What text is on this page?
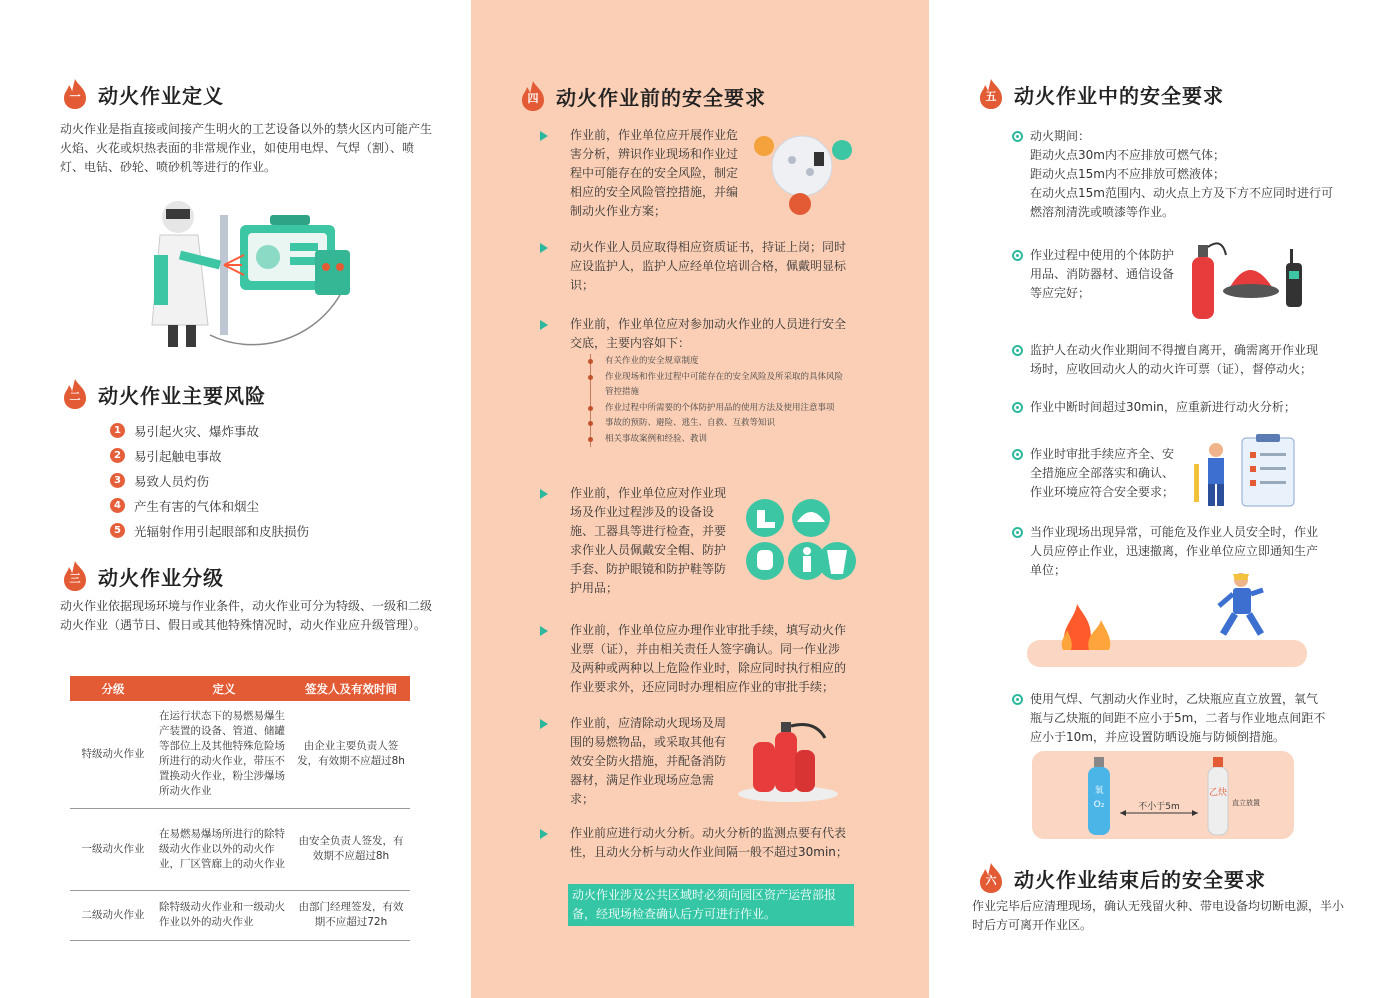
一 动火作业定义

动火作业是指直接或间接产生明火的工艺设备以外的禁火区内可能产生火焰、火花或炽热表面的非常规作业，如使用电焊、气焊（割）、喷灯、电钻、砂轮、喷砂机等进行的作业。

二 动火作业主要风险
1	易引起火灾、爆炸事故
2	易引起触电事故
3	易致人员灼伤
4	产生有害的气体和烟尘
5	光辐射作用引起眼部和皮肤损伤
三 动火作业分级

动火作业依据现场环境与作业条件，动火作业可分为特级、一级和二级动火作业（遇节日、假日或其他特殊情况时，动火作业应升级管理）。

分级	定义	签发人及有效时间
特级动火作业	在运行状态下的易燃易爆生产装置的设备、管道、储罐等部位上及其他特殊危险场所进行的动火作业，带压不置换动火作业，粉尘涉爆场所动火作业	由企业主要负责人签发，有效期不应超过8h
一级动火作业	在易燃易爆场所进行的除特级动火作业以外的动火作业，厂区管廊上的动火作业	由安全负责人签发，有效期不应超过8h
二级动火作业	除特级动火作业和一级动火作业以外的动火作业	由部门经理签发，有效期不应超过72h
四 动火作业前的安全要求

作业前，作业单位应开展作业危害分析，辨识作业现场和作业过程中可能存在的安全风险，制定相应的安全风险管控措施，并编制动火作业方案；

动火作业人员应取得相应资质证书，持证上岗；同时应设监护人，监护人应经单位培训合格，佩戴明显标识；

作业前，作业单位应对参加动火作业的人员进行安全交底，主要内容如下：

有关作业的安全规章制度
作业现场和作业过程中可能存在的安全风险及所采取的具体风险管控措施
作业过程中所需要的个体防护用品的使用方法及使用注意事项
事故的预防、避险、逃生、自救、互救等知识
相关事故案例和经验、教训

作业前，作业单位应对作业现场及作业过程涉及的设备设施、工器具等进行检查，并要求作业人员佩戴安全帽、防护手套、防护眼镜和防护鞋等防护用品；

作业前，作业单位应办理作业审批手续，填写动火作业票（证），并由相关责任人签字确认。同一作业涉及两种或两种以上危险作业时，除应同时执行相应的作业要求外，还应同时办理相应作业的审批手续；

作业前，应清除动火现场及周围的易燃物品，或采取其他有效安全防火措施，并配备消防器材，满足作业现场应急需求；

作业前应进行动火分析。动火分析的监测点要有代表性，且动火分析与动火作业间隔一般不超过30min；

动火作业涉及公共区域时必须向园区资产运营部报备，经现场检查确认后方可进行作业。
五 动火作业中的安全要求
动火期间：
距动火点30m内不应排放可燃气体；
距动火点15m内不应排放可燃液体；
在动火点15m范围内、动火点上方及下方不应同时进行可燃溶剂清洗或喷漆等作业。
作业过程中使用的个体防护用品、消防器材、通信设备等应完好；
监护人在动火作业期间不得擅自离开，确需离开作业现场时，应收回动火人的动火许可票（证），督停动火；
作业中断时间超过30min，应重新进行动火分析；
作业时审批手续应齐全、安全措施应全部落实和确认、作业环境应符合安全要求；
当作业现场出现异常，可能危及作业人员安全时，作业人员应停止作业，迅速撤离，作业单位应立即通知生产单位；
使用气焊、气割动火作业时，乙炔瓶应直立放置，氧气瓶与乙炔瓶的间距不应小于5m，二者与作业地点间距不应小于10m，并应设置防晒设施与防倾倒措施。
氧
O₂
乙炔
不小于5m	直立放置
六 动火作业结束后的安全要求

作业完毕后应清理现场，确认无残留火种、带电设备均切断电源，半小时后方可离开作业区。
